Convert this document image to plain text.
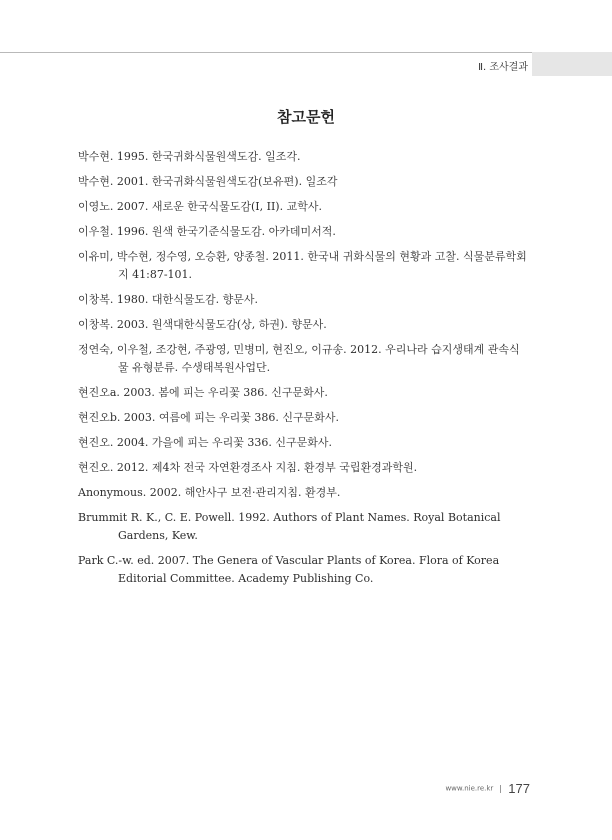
Ⅱ. 조사결과
참고문헌

박수현. 1995. 한국귀화식물원색도감. 일조각.

박수현. 2001. 한국귀화식물원색도감(보유편). 일조각

이영노. 2007. 새로운 한국식물도감(I, II). 교학사.

이우철. 1996. 원색 한국기준식물도감. 아카데미서적.

이유미, 박수현, 정수영, 오승환, 양종철. 2011. 한국내 귀화식물의 현황과 고찰. 식물분류학회지 41:87-101.

이창복. 1980. 대한식물도감. 향문사.

이창복. 2003. 원색대한식물도감(상, 하권). 향문사.

정연숙, 이우철, 조강현, 주광영, 민병미, 현진오, 이규송. 2012. 우리나라 습지생태계 관속식물 유형분류. 수생태복원사업단.

현진오a. 2003. 봄에 피는 우리꽃 386. 신구문화사.

현진오b. 2003. 여름에 피는 우리꽃 386. 신구문화사.

현진오. 2004. 가을에 피는 우리꽃 336. 신구문화사.

현진오. 2012. 제4차 전국 자연환경조사 지침. 환경부 국립환경과학원.

Anonymous. 2002. 해안사구 보전·관리지침. 환경부.

Brummit R. K., C. E. Powell. 1992. Authors of Plant Names. Royal Botanical Gardens, Kew.

Park C.-w. ed. 2007. The Genera of Vascular Plants of Korea. Flora of Korea Editorial Committee. Academy Publishing Co.

www.nie.re.kr 177
